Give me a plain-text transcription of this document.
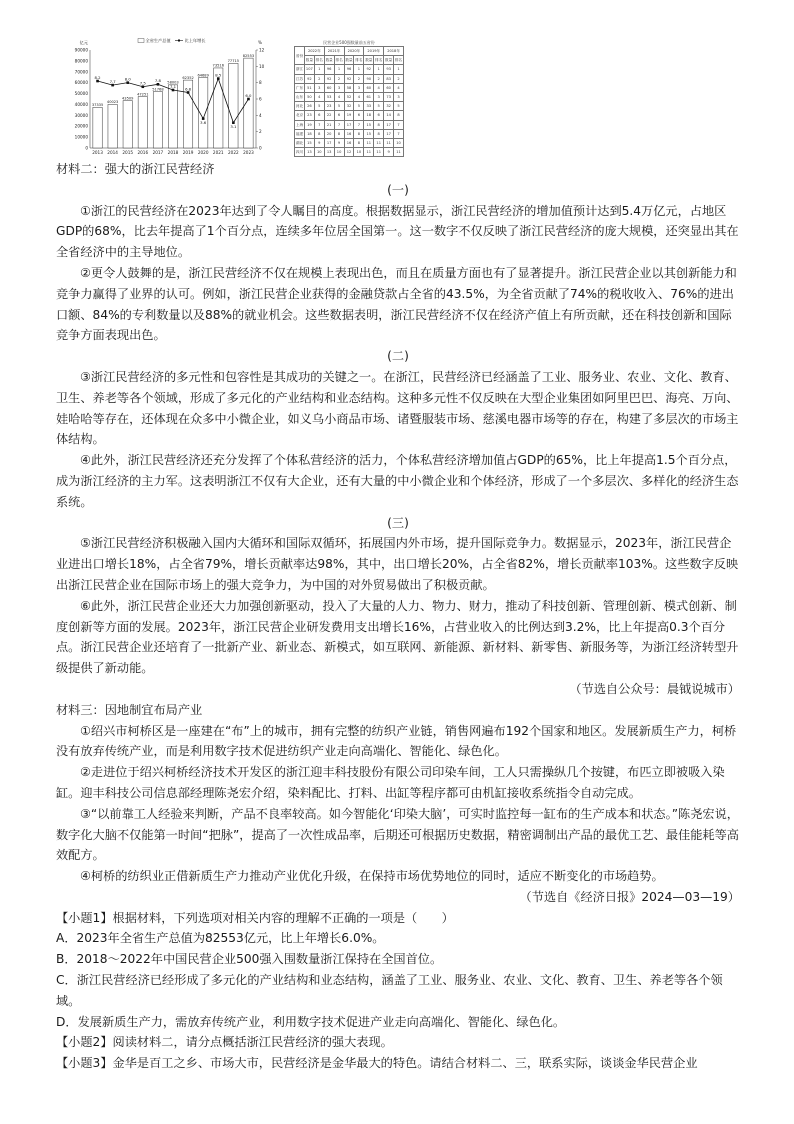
亿元	%
90000
80000
70000
60000
50000
40000
30000
20000
10000
0
12
10
8
6
4
2
0
全省生产总值	比上年增长
37335
40023
43509
47251
51768
58003
62352
64689
73516
77715
82553
8.2
7.7 8.0
7.5 7.8
7.1 6.8
3.6
8.5
3.1
6.0
2013 2014 2015 2016 2017 2018 2019 2020 2021 2022 2023
民营企业500强数量前五省份
省份	2022年		2021年		2020年		2019年		2018年	
	数量	排名	数量	排名	数量	排名	数量	排名	数量	排名
浙江	107	1	96	1	96	1	92	1	93	1
江苏	92	2	92	2	92	2	90	2	83	2
广东	51	3	60	3	58	3	60	4	60	4
山东	50	4	53	4	52	4	61	3	73	3
河北	26	5	23	5	32	5	33	5	32	5
北京	23	6	22	6	19	6	18	6	14	8
上海	19	7	21	7	17	7	15	8	17	7
福建	18	8	20	8	16	8	15	8	17	7
湖北	15	9	17	9	16	8	11	11	11	10
四川	13	10	13	10	12	10	11	11	9	11

材料二：强大的浙江民营经济

(一)

①浙江的民营经济在2023年达到了令人瞩目的高度。根据数据显示，浙江民营经济的增加值预计达到5.4万亿元，占地区GDP的68%，比去年提高了1个百分点，连续多年位居全国第一。这一数字不仅反映了浙江民营经济的庞大规模，还突显出其在全省经济中的主导地位。

②更令人鼓舞的是，浙江民营经济不仅在规模上表现出色，而且在质量方面也有了显著提升。浙江民营企业以其创新能力和竞争力赢得了业界的认可。例如，浙江民营企业获得的金融贷款占全省的43.5%，为全省贡献了74%的税收收入、76%的进出口额、84%的专利数量以及88%的就业机会。这些数据表明，浙江民营经济不仅在经济产值上有所贡献，还在科技创新和国际竞争方面表现出色。

(二)

③浙江民营经济的多元性和包容性是其成功的关键之一。在浙江，民营经济已经涵盖了工业、服务业、农业、文化、教育、卫生、养老等各个领域，形成了多元化的产业结构和业态结构。这种多元性不仅反映在大型企业集团如阿里巴巴、海亮、万向、娃哈哈等存在，还体现在众多中小微企业，如义乌小商品市场、诸暨服装市场、慈溪电器市场等的存在，构建了多层次的市场主体结构。

④此外，浙江民营经济还充分发挥了个体私营经济的活力，个体私营经济增加值占GDP的65%，比上年提高1.5个百分点，成为浙江经济的主力军。这表明浙江不仅有大企业，还有大量的中小微企业和个体经济，形成了一个多层次、多样化的经济生态系统。

(三)

⑤浙江民营经济积极融入国内大循环和国际双循环，拓展国内外市场，提升国际竞争力。数据显示，2023年，浙江民营企业进出口增长18%，占全省79%，增长贡献率达98%，其中，出口增长20%，占全省82%，增长贡献率103%。这些数字反映出浙江民营企业在国际市场上的强大竞争力，为中国的对外贸易做出了积极贡献。

⑥此外，浙江民营企业还大力加强创新驱动，投入了大量的人力、物力、财力，推动了科技创新、管理创新、模式创新、制度创新等方面的发展。2023年，浙江民营企业研发费用支出增长16%，占营业收入的比例达到3.2%，比上年提高0.3个百分点。浙江民营企业还培育了一批新产业、新业态、新模式，如互联网、新能源、新材料、新零售、新服务等，为浙江经济转型升级提供了新动能。

（节选自公众号：晨钺说城市）

材料三：因地制宜布局产业

①绍兴市柯桥区是一座建在“布”上的城市，拥有完整的纺织产业链，销售网遍布192个国家和地区。发展新质生产力，柯桥没有放弃传统产业，而是利用数字技术促进纺织产业走向高端化、智能化、绿色化。

②走进位于绍兴柯桥经济技术开发区的浙江迎丰科技股份有限公司印染车间，工人只需操纵几个按键，布匹立即被吸入染缸。迎丰科技公司信息部经理陈尧宏介绍，染料配比、打料、出缸等程序都可由机缸接收系统指令自动完成。

③“以前靠工人经验来判断，产品不良率较高。如今智能化‘印染大脑’，可实时监控每一缸布的生产成本和状态。”陈尧宏说，数字化大脑不仅能第一时间“把脉”，提高了一次性成品率，后期还可根据历史数据，精密调制出产品的最优工艺、最佳能耗等高效配方。

④柯桥的纺织业正借新质生产力推动产业优化升级，在保持市场优势地位的同时，适应不断变化的市场趋势。

（节选自《经济日报》2024—03—19）

【小题1】根据材料，下列选项对相关内容的理解不正确的一项是（　　）

A．2023年全省生产总值为82553亿元，比上年增长6.0%。

B．2018～2022年中国民营企业500强入围数量浙江保持在全国首位。

C．浙江民营经济已经形成了多元化的产业结构和业态结构，涵盖了工业、服务业、农业、文化、教育、卫生、养老等各个领域。

D．发展新质生产力，需放弃传统产业，利用数字技术促进产业走向高端化、智能化、绿色化。

【小题2】阅读材料二，请分点概括浙江民营经济的强大表现。

【小题3】金华是百工之乡、市场大市，民营经济是金华最大的特色。请结合材料二、三，联系实际，谈谈金华民营企业
